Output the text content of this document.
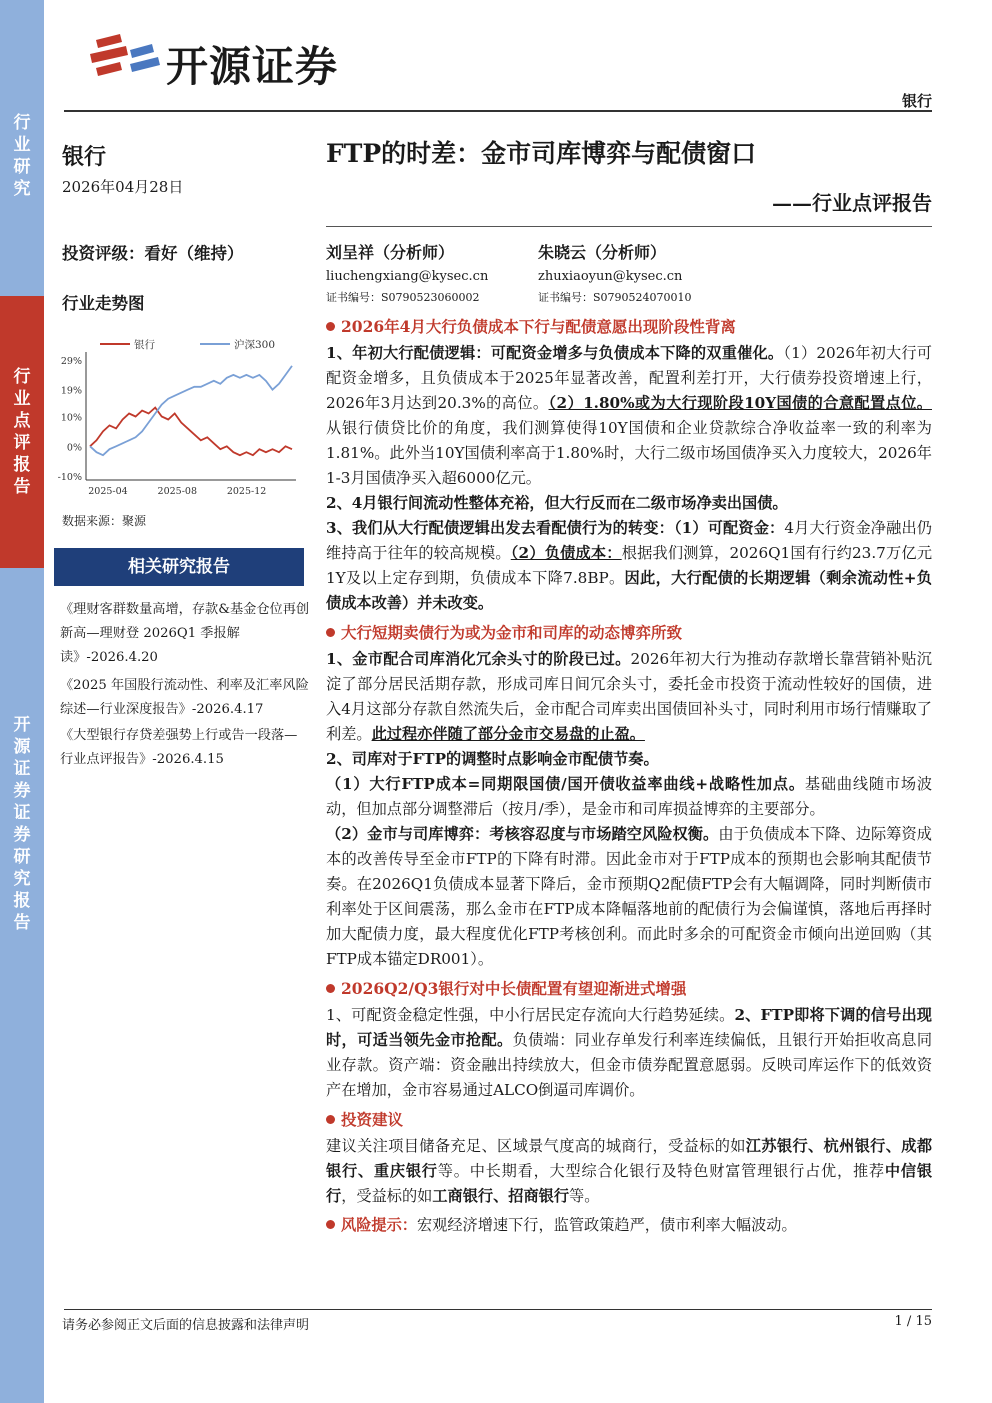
行业研究
行业点评报告
开源证券 证券研究报告
开源证券
银行
银行
2026年04月28日
投资评级：看好（维持）
行业走势图
29%
19%
10%
0%
-10%
2025-04	2025-08	2025-12
银行	沪深300
数据来源：聚源
相关研究报告
《理财客群数量高增，存款&基金仓位再创新高—理财登 2026Q1 季报解读》-2026.4.20
《2025 年国股行流动性、利率及汇率风险综述—行业深度报告》-2026.4.17
《大型银行存贷差强势上行或告一段落—行业点评报告》-2026.4.15
FTP的时差：金市司库博弈与配债窗口
——行业点评报告
刘呈祥（分析师）
liuchengxiang@kysec.cn
证书编号：S0790523060002
朱晓云（分析师）
zhuxiaoyun@kysec.cn
证书编号：S0790524070010
2026年4月大行负债成本下行与配债意愿出现阶段性背离

1、年初大行配债逻辑：可配资金增多与负债成本下降的双重催化。（1）2026年初大行可配资金增多，且负债成本于2025年显著改善，配置利差打开，大行债券投资增速上行，2026年3月达到20.3%的高位。（2）1.80%或为大行现阶段10Y国债的合意配置点位。从银行债贷比价的角度，我们测算使得10Y国债和企业贷款综合净收益率一致的利率为1.81%。此外当10Y国债利率高于1.80%时，大行二级市场国债净买入力度较大，2026年1-3月国债净买入超6000亿元。

2、4月银行间流动性整体充裕，但大行反而在二级市场净卖出国债。

3、我们从大行配债逻辑出发去看配债行为的转变：（1）可配资金：4月大行资金净融出仍维持高于往年的较高规模。（2）负债成本：根据我们测算，2026Q1国有行约23.7万亿元1Y及以上定存到期，负债成本下降7.8BP。因此，大行配债的长期逻辑（剩余流动性+负债成本改善）并未改变。

大行短期卖债行为或为金市和司库的动态博弈所致

1、金市配合司库消化冗余头寸的阶段已过。2026年初大行为推动存款增长靠营销补贴沉淀了部分居民活期存款，形成司库日间冗余头寸，委托金市投资于流动性较好的国债，进入4月这部分存款自然流失后，金市配合司库卖出国债回补头寸，同时利用市场行情赚取了利差。此过程亦伴随了部分金市交易盘的止盈。

2、司库对于FTP的调整时点影响金市配债节奏。

（1）大行FTP成本=同期限国债/国开债收益率曲线+战略性加点。基础曲线随市场波动，但加点部分调整滞后（按月/季），是金市和司库损益博弈的主要部分。

（2）金市与司库博弈：考核容忍度与市场踏空风险权衡。由于负债成本下降、边际筹资成本的改善传导至金市FTP的下降有时滞。因此金市对于FTP成本的预期也会影响其配债节奏。在2026Q1负债成本显著下降后，金市预期Q2配债FTP会有大幅调降，同时判断债市利率处于区间震荡，那么金市在FTP成本降幅落地前的配债行为会偏谨慎，落地后再择时加大配债力度，最大程度优化FTP考核创利。而此时多余的可配资金市倾向出逆回购（其FTP成本锚定DR001）。

2026Q2/Q3银行对中长债配置有望迎渐进式增强

1、可配资金稳定性强，中小行居民定存流向大行趋势延续。2、FTP即将下调的信号出现时，可适当领先金市抢配。负债端：同业存单发行利率连续偏低，且银行开始拒收高息同业存款。资产端：资金融出持续放大，但金市债券配置意愿弱。反映司库运作下的低效资产在增加，金市容易通过ALCO倒逼司库调价。

投资建议

建议关注项目储备充足、区域景气度高的城商行，受益标的如江苏银行、杭州银行、成都银行、重庆银行等。中长期看，大型综合化银行及特色财富管理银行占优，推荐中信银行，受益标的如工商银行、招商银行等。

风险提示：宏观经济增速下行，监管政策趋严，债市利率大幅波动。

请务必参阅正文后面的信息披露和法律声明	1 / 15
